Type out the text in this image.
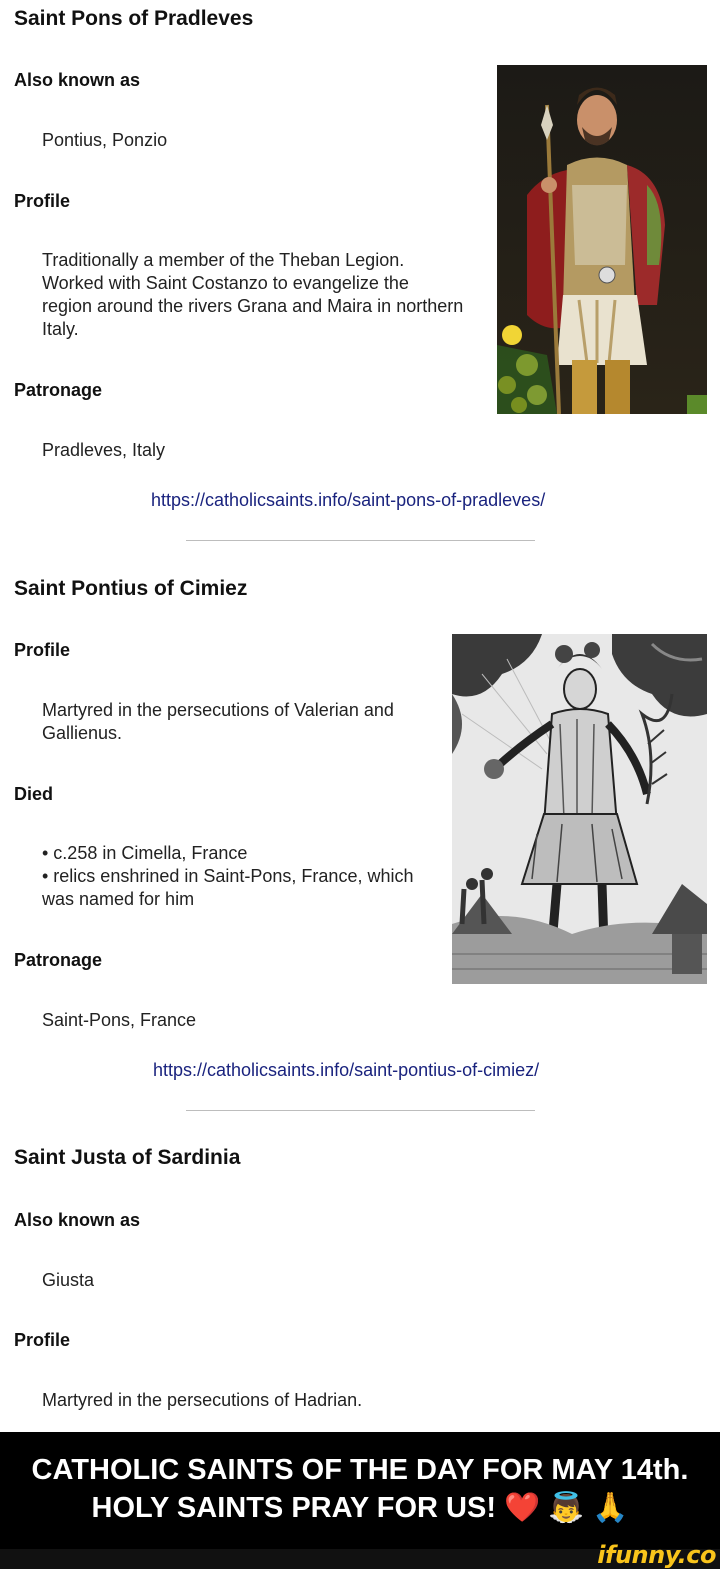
Saint Pons of Pradleves
Also known as
Pontius, Ponzio
Profile
Traditionally a member of the Theban Legion.
Worked with Saint Costanzo to evangelize the
region around the rivers Grana and Maira in northern
Italy.
Patronage
Pradleves, Italy
https://catholicsaints.info/saint-pons-of-pradleves/
Saint Pontius of Cimiez
Profile
Martyred in the persecutions of Valerian and
Gallienus.
Died
• c.258 in Cimella, France
• relics enshrined in Saint-Pons, France, which
was named for him
Patronage
Saint-Pons, France
https://catholicsaints.info/saint-pontius-of-cimiez/
Saint Justa of Sardinia
Also known as
Giusta
Profile
Martyred in the persecutions of Hadrian.
CATHOLIC SAINTS OF THE DAY FOR MAY 14th.
HOLY SAINTS PRAY FOR US! ❤️ 👼 🙏
ifunny.co
